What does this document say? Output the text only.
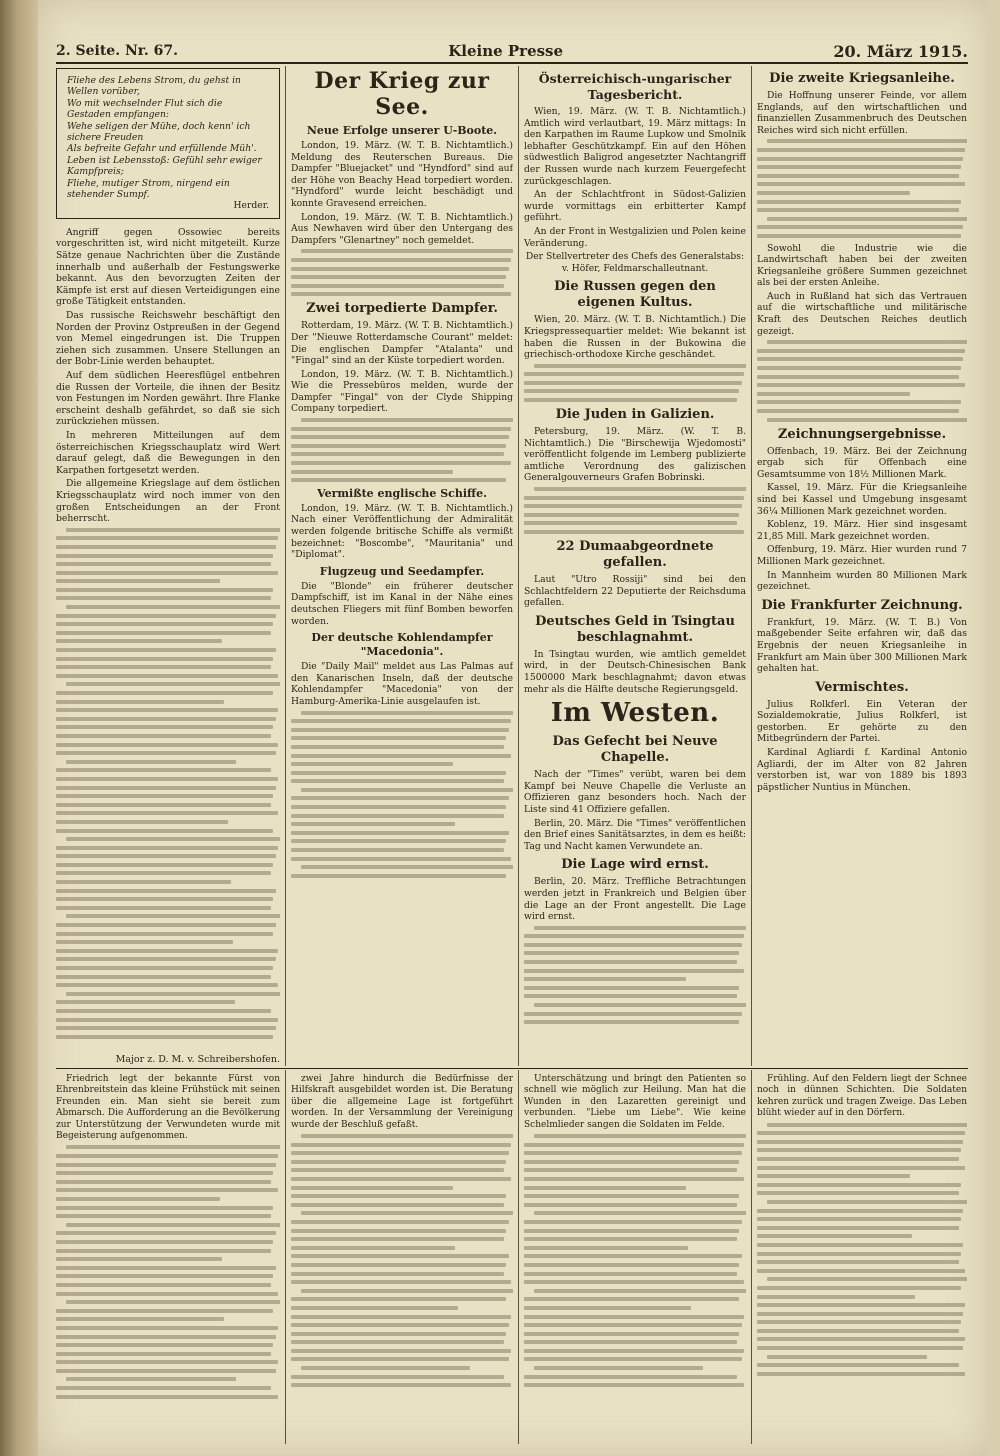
2. Seite. Nr. 67.	Kleine Presse	20. März 1915.
Fliehe des Lebens Strom, du gehst in Wellen vorüber,
Wo mit wechselnder Flut sich die Gestaden empfangen:
Wehe seligen der Mühe, doch kenn' ich sichere Freuden
Als befreite Gefahr und erfüllende Müh'.
Leben ist Lebensstoß: Gefühl sehr ewiger Kampfpreis;
Fliehe, mutiger Strom, nirgend ein stehender Sumpf.
Herder.

Angriff gegen Ossowiec bereits vorgeschritten ist, wird nicht mitgeteilt. Kurze Sätze genaue Nachrichten über die Zustände innerhalb und außerhalb der Festungswerke bekannt. Aus den bevorzugten Zeiten der Kämpfe ist erst auf diesen Verteidigungen eine große Tätigkeit entstanden.

Das russische Reichswehr beschäftigt den Norden der Provinz Ostpreußen in der Gegend von Memel eingedrungen ist. Die Truppen ziehen sich zusammen. Unsere Stellungen an der Bobr-Linie werden behauptet.

Auf dem südlichen Heeresflügel entbehren die Russen der Vorteile, die ihnen der Besitz von Festungen im Norden gewährt. Ihre Flanke erscheint deshalb gefährdet, so daß sie sich zurückziehen müssen.

In mehreren Mitteilungen auf dem österreichischen Kriegsschauplatz wird Wert darauf gelegt, daß die Bewegungen in den Karpathen fortgesetzt werden.

Die allgemeine Kriegslage auf dem östlichen Kriegsschauplatz wird noch immer von den großen Entscheidungen an der Front beherrscht.

Major z. D. M. v. Schreibershofen.
Der Krieg zur See.
Neue Erfolge unserer U-Boote.

London, 19. März. (W. T. B. Nichtamtlich.) Meldung des Reuterschen Bureaus. Die Dampfer "Bluejacket" und "Hyndford" sind auf der Höhe von Beachy Head torpediert worden. "Hyndford" wurde leicht beschädigt und konnte Gravesend erreichen.

London, 19. März. (W. T. B. Nichtamtlich.) Aus Newhaven wird über den Untergang des Dampfers "Glenartney" noch gemeldet.

Zwei torpedierte Dampfer.

Rotterdam, 19. März. (W. T. B. Nichtamtlich.) Der "Nieuwe Rotterdamsche Courant" meldet: Die englischen Dampfer "Atalanta" und "Fingal" sind an der Küste torpediert worden.

London, 19. März. (W. T. B. Nichtamtlich.) Wie die Pressebüros melden, wurde der Dampfer "Fingal" von der Clyde Shipping Company torpediert.

Vermißte englische Schiffe.

London, 19. März. (W. T. B. Nichtamtlich.) Nach einer Veröffentlichung der Admiralität werden folgende britische Schiffe als vermißt bezeichnet: "Boscombe", "Mauritania" und "Diplomat".

Flugzeug und Seedampfer.

Die "Blonde" ein früherer deutscher Dampfschiff, ist im Kanal in der Nähe eines deutschen Fliegers mit fünf Bomben beworfen worden.

Der deutsche Kohlendampfer "Macedonia".

Die "Daily Mail" meldet aus Las Palmas auf den Kanarischen Inseln, daß der deutsche Kohlendampfer "Macedonia" von der Hamburg-Amerika-Linie ausgelaufen ist.

Österreichisch-ungarischer Tagesbericht.

Wien, 19. März. (W. T. B. Nichtamtlich.) Amtlich wird verlautbart, 19. März mittags: In den Karpathen im Raume Lupkow und Smolnik lebhafter Geschützkampf. Ein auf den Höhen südwestlich Baligrod angesetzter Nachtangriff der Russen wurde nach kurzem Feuergefecht zurückgeschlagen.

An der Schlachtfront in Südost-Galizien wurde vormittags ein erbitterter Kampf geführt.

An der Front in Westgalizien und Polen keine Veränderung.

Der Stellvertreter des Chefs des Generalstabs:
v. Höfer, Feldmarschalleutnant.
Die Russen gegen den eigenen Kultus.

Wien, 20. März. (W. T. B. Nichtamtlich.) Die Kriegspressequartier meldet: Wie bekannt ist haben die Russen in der Bukowina die griechisch-orthodoxe Kirche geschändet.

Die Juden in Galizien.

Petersburg, 19. März. (W. T. B. Nichtamtlich.) Die "Birschewija Wjedomosti" veröffentlicht folgende im Lemberg publizierte amtliche Verordnung des galizischen Generalgouverneurs Grafen Bobrinski.

22 Dumaabgeordnete gefallen.

Laut "Utro Rossiji" sind bei den Schlachtfeldern 22 Deputierte der Reichsduma gefallen.

Deutsches Geld in Tsingtau beschlagnahmt.

In Tsingtau wurden, wie amtlich gemeldet wird, in der Deutsch-Chinesischen Bank 1500000 Mark beschlagnahmt; davon etwas mehr als die Hälfte deutsche Regierungsgeld.

Im Westen.
Das Gefecht bei Neuve Chapelle.

Nach der "Times" verübt, waren bei dem Kampf bei Neuve Chapelle die Verluste an Offizieren ganz besonders hoch. Nach der Liste sind 41 Offiziere gefallen.

Berlin, 20. März. Die "Times" veröffentlichen den Brief eines Sanitätsarztes, in dem es heißt: Tag und Nacht kamen Verwundete an.

Die Lage wird ernst.

Berlin, 20. März. Treffliche Betrachtungen werden jetzt in Frankreich und Belgien über die Lage an der Front angestellt. Die Lage wird ernst.

Die zweite Kriegsanleihe.

Die Hoffnung unserer Feinde, vor allem Englands, auf den wirtschaftlichen und finanziellen Zusammenbruch des Deutschen Reiches wird sich nicht erfüllen.

Sowohl die Industrie wie die Landwirtschaft haben bei der zweiten Kriegsanleihe größere Summen gezeichnet als bei der ersten Anleihe.

Auch in Rußland hat sich das Vertrauen auf die wirtschaftliche und militärische Kraft des Deutschen Reiches deutlich gezeigt.

Zeichnungsergebnisse.

Offenbach, 19. März. Bei der Zeichnung ergab sich für Offenbach eine Gesamtsumme von 18½ Millionen Mark.

Kassel, 19. März. Für die Kriegsanleihe sind bei Kassel und Umgebung insgesamt 36¼ Millionen Mark gezeichnet worden.

Koblenz, 19. März. Hier sind insgesamt 21,85 Mill. Mark gezeichnet worden.

Offenburg, 19. März. Hier wurden rund 7 Millionen Mark gezeichnet.

In Mannheim wurden 80 Millionen Mark gezeichnet.

Die Frankfurter Zeichnung.

Frankfurt, 19. März. (W. T. B.) Von maßgebender Seite erfahren wir, daß das Ergebnis der neuen Kriegsanleihe in Frankfurt am Main über 300 Millionen Mark gehalten hat.

Vermischtes.

Julius Rolkferl. Ein Veteran der Sozialdemokratie, Julius Rolkferl, ist gestorben. Er gehörte zu den Mitbegründern der Partei.

Kardinal Agliardi f. Kardinal Antonio Agliardi, der im Alter von 82 Jahren verstorben ist, war von 1889 bis 1893 päpstlicher Nuntius in München.

Friedrich legt der bekannte Fürst von Ehrenbreitstein das kleine Frühstück mit seinen Freunden ein. Man sieht sie bereit zum Abmarsch. Die Aufforderung an die Bevölkerung zur Unterstützung der Verwundeten wurde mit Begeisterung aufgenommen.

zwei Jahre hindurch die Bedürfnisse der Hilfskraft ausgebildet worden ist. Die Beratung über die allgemeine Lage ist fortgeführt worden. In der Versammlung der Vereinigung wurde der Beschluß gefaßt.

Unterschätzung und bringt den Patienten so schnell wie möglich zur Heilung. Man hat die Wunden in den Lazaretten gereinigt und verbunden. "Liebe um Liebe". Wie keine Schelmlieder sangen die Soldaten im Felde.

Frühling. Auf den Feldern liegt der Schnee noch in dünnen Schichten. Die Soldaten kehren zurück und tragen Zweige. Das Leben blüht wieder auf in den Dörfern.
